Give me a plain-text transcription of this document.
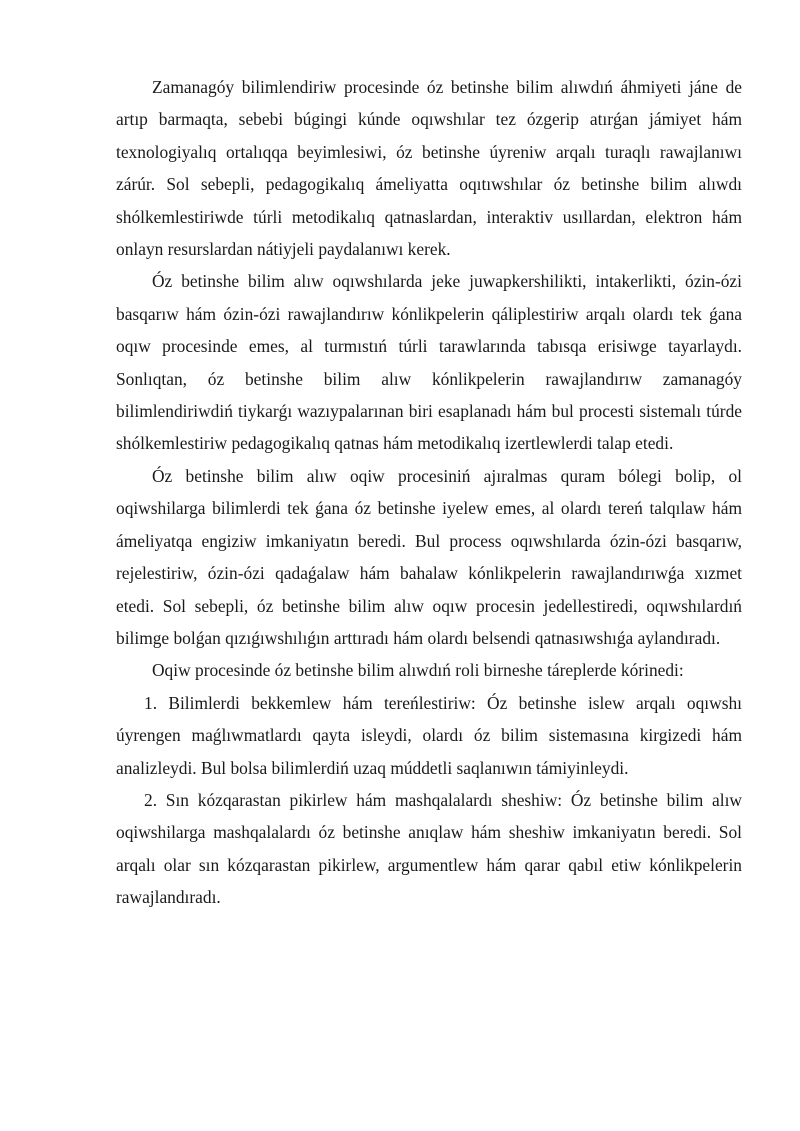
Zamanagóy bilimlendiriw procesinde óz betinshe bilim alıwdıń áhmiyeti jáne de artıp barmaqta, sebebi búgingi kúnde oqıwshılar tez ózgerip atırǵan jámiyet hám texnologiyalıq ortalıqqa beyimlesiwi, óz betinshe úyreniw arqalı turaqlı rawajlanıwı zárúr. Sol sebepli, pedagogikalıq ámeliyatta oqıtıwshılar óz betinshe bilim alıwdı shólkemlestiriwde túrli metodikalıq qatnaslardan, interaktiv usıllardan, elektron hám onlayn resurslardan nátiyjeli paydalanıwı kerek.

Óz betinshe bilim alıw oqıwshılarda jeke juwapkershilikti, intakerlikti, ózin-ózi basqarıw hám ózin-ózi rawajlandırıw kónlikpelerin qáliplestiriw arqalı olardı tek ǵana oqıw procesinde emes, al turmıstıń túrli tarawlarında tabısqa erisiwge tayarlaydı. Sonlıqtan, óz betinshe bilim alıw kónlikpelerin rawajlandırıw zamanagóy bilimlendiriwdiń tiykarǵı wazıypalarınan biri esaplanadı hám bul procesti sistemalı túrde shólkemlestiriw pedagogikalıq qatnas hám metodikalıq izertlewlerdi talap etedi.

Óz betinshe bilim alıw oqiw procesiniń ajıralmas quram bólegi bolip, ol oqiwshilarga bilimlerdi tek ǵana óz betinshe iyelew emes, al olardı tereń talqılaw hám ámeliyatqa engiziw imkaniyatın beredi. Bul process oqıwshılarda ózin-ózi basqarıw, rejelestiriw, ózin-ózi qadaǵalaw hám bahalaw kónlikpelerin rawajlandırıwǵa xızmet etedi. Sol sebepli, óz betinshe bilim alıw oqıw procesin jedellestiredi, oqıwshılardıń bilimge bolǵan qızıǵıwshılıǵın arttıradı hám olardı belsendi qatnasıwshıǵa aylandıradı.

Oqiw procesinde óz betinshe bilim alıwdıń roli birneshe táreplerde kórinedi:

1. Bilimlerdi bekkemlew hám tereńlestiriw: Óz betinshe islew arqalı oqıwshı úyrengen maǵlıwmatlardı qayta isleydi, olardı óz bilim sistemasına kirgizedi hám analizleydi. Bul bolsa bilimlerdiń uzaq múddetli saqlanıwın támiyinleydi.

2. Sın kózqarastan pikirlew hám mashqalalardı sheshiw: Óz betinshe bilim alıw oqiwshilarga mashqalalardı óz betinshe anıqlaw hám sheshiw imkaniyatın beredi. Sol arqalı olar sın kózqarastan pikirlew, argumentlew hám qarar qabıl etiw kónlikpelerin rawajlandıradı.
